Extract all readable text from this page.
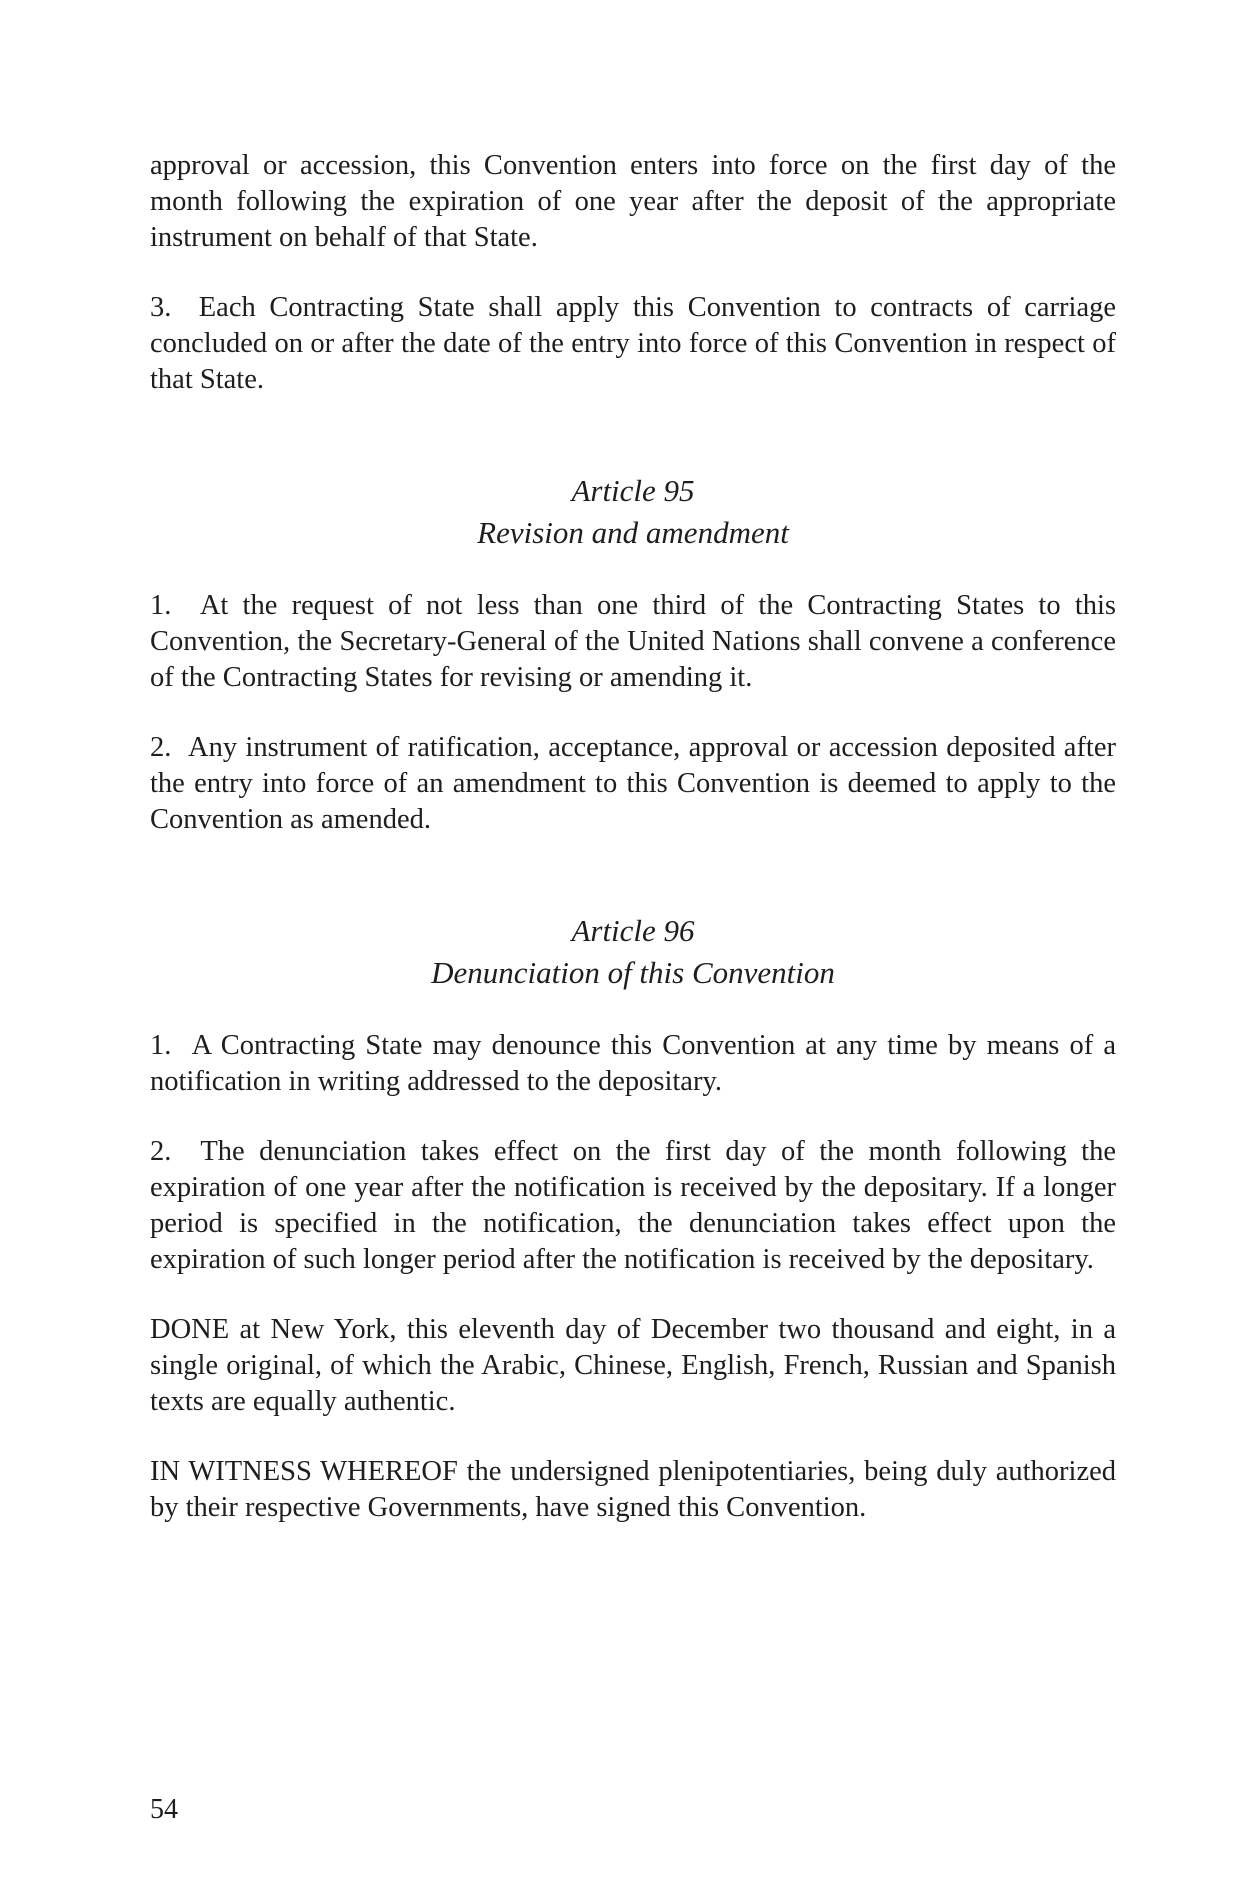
approval or accession, this Convention enters into force on the first day of the month following the expiration of one year after the deposit of the appropriate instrument on behalf of that State.

3.  Each Contracting State shall apply this Convention to contracts of carriage concluded on or after the date of the entry into force of this Convention in respect of that State.

Article 95
Revision and amendment

1.  At the request of not less than one third of the Contracting States to this Convention, the Secretary-General of the United Nations shall convene a conference of the Contracting States for revising or amending it.

2.  Any instrument of ratification, acceptance, approval or accession deposited after the entry into force of an amendment to this Convention is deemed to apply to the Convention as amended.

Article 96
Denunciation of this Convention

1.  A Contracting State may denounce this Convention at any time by means of a notification in writing addressed to the depositary.

2.  The denunciation takes effect on the first day of the month following the expiration of one year after the notification is received by the depositary. If a longer period is specified in the notification, the denunciation takes effect upon the expiration of such longer period after the notification is received by the depositary.

DONE at New York, this eleventh day of December two thousand and eight, in a single original, of which the Arabic, Chinese, English, French, Russian and Spanish texts are equally authentic.

IN WITNESS WHEREOF the undersigned plenipotentiaries, being duly authorized by their respective Governments, have signed this Convention.

54
